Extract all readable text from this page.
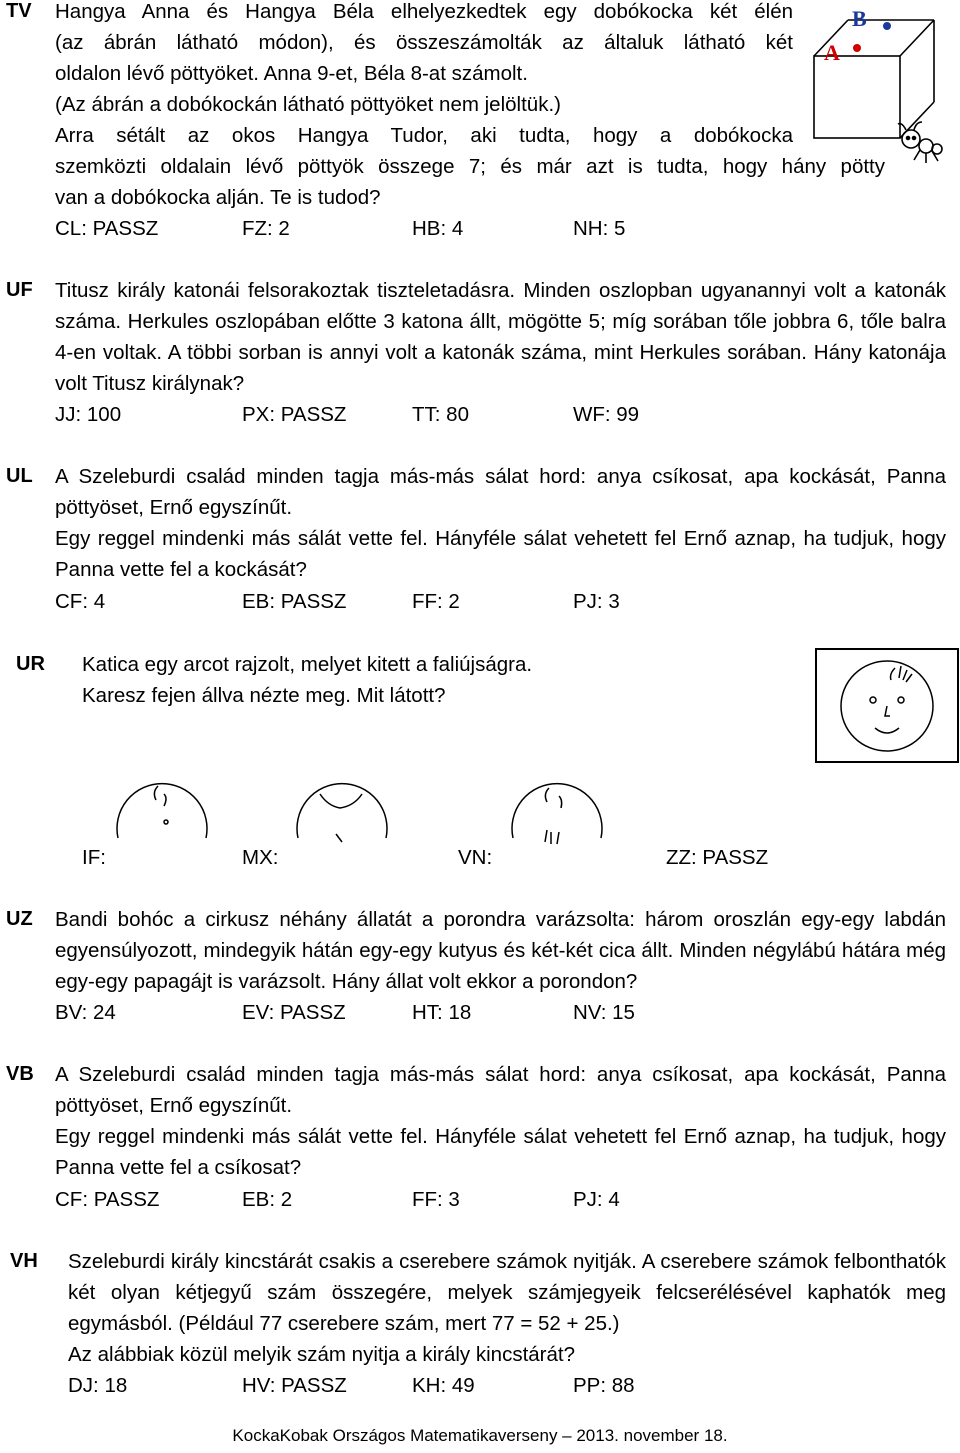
TV Hangya Anna és Hangya Béla elhelyezkedtek egy dobókocka két élén
(az ábrán látható módon), és összeszámolták az általuk látható két
oldalon lévő pöttyöket. Anna 9-et, Béla 8-at számolt.
(Az ábrán a dobókockán látható pöttyöket nem jelöltük.)
Arra sétált az okos Hangya Tudor, aki tudta, hogy a dobókocka
szemközti oldalain lévő pöttyök összege 7; és már azt is tudta, hogy hány pötty
van a dobókocka alján. Te is tudod?
CL: PASSZ	FZ: 2	HB: 4	NH: 5
A
B
UF Titusz király katonái felsorakoztak tiszteletadásra. Minden oszlopban ugyanannyi volt a katonák száma. Herkules oszlopában előtte 3 katona állt, mögötte 5; míg sorában tőle jobbra 6, tőle balra 4-en voltak. A többi sorban is annyi volt a katonák száma, mint Herkules sorában. Hány katonája volt Titusz királynak?
JJ: 100	PX: PASSZ	TT: 80	WF: 99
UL A Szeleburdi család minden tagja más-más sálat hord: anya csíkosat, apa kockását, Panna pöttyöset, Ernő egyszínűt.
Egy reggel mindenki más sálát vette fel. Hányféle sálat vehetett fel Ernő aznap, ha tudjuk, hogy Panna vette fel a kockását?
CF: 4	EB: PASSZ	FF: 2	PJ: 3
UR Katica egy arcot rajzolt, melyet kitett a faliújságra.
Karesz fejen állva nézte meg. Mit látott?
IF:	MX:	VN:	ZZ: PASSZ
UZ Bandi bohóc a cirkusz néhány állatát a porondra varázsolta: három oroszlán egy-egy labdán egyensúlyozott, mindegyik hátán egy-egy kutyus és két-két cica állt. Minden négylábú hátára még egy-egy papagájt is varázsolt. Hány állat volt ekkor a porondon?
BV: 24	EV: PASSZ	HT: 18	NV: 15
VB A Szeleburdi család minden tagja más-más sálat hord: anya csíkosat, apa kockását, Panna pöttyöset, Ernő egyszínűt.
Egy reggel mindenki más sálát vette fel. Hányféle sálat vehetett fel Ernő aznap, ha tudjuk, hogy Panna vette fel a csíkosat?
CF: PASSZ	EB: 2	FF: 3	PJ: 4
VH Szeleburdi király kincstárát csakis a cserebere számok nyitják. A cserebere számok felbonthatók két olyan kétjegyű szám összegére, melyek számjegyeik felcserélésével kaphatók meg egymásból. (Például 77 cserebere szám, mert 77 = 52 + 25.)
Az alábbiak közül melyik szám nyitja a király kincstárát?
DJ: 18	HV: PASSZ	KH: 49	PP: 88
KockaKobak Országos Matematikaverseny – 2013. november 18.
